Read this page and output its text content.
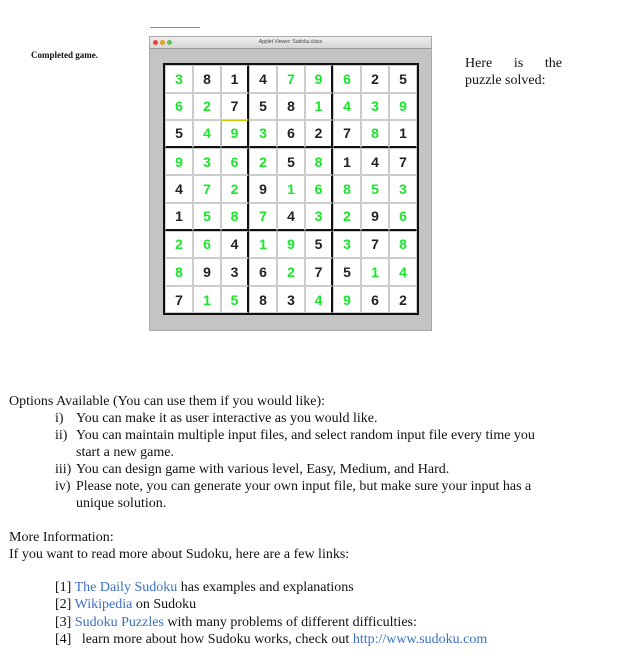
Completed game.
Applet Viewer: Sudoku.class
3	8	1	4	7	9	6	2	5
6	2	7	5	8	1	4	3	9
5	4	9	3	6	2	7	8	1
9	3	6	2	5	8	1	4	7
4	7	2	9	1	6	8	5	3
1	5	8	7	4	3	2	9	6
2	6	4	1	9	5	3	7	8
8	9	3	6	2	7	5	1	4
7	1	5	8	3	4	9	6	2
Here is the
puzzle solved:
Options Available (You can use them if you would like):
i) You can make it as user interactive as you would like.
ii) You can maintain multiple input files, and select random input file every time you
start a new game.
iii) You can design game with various level, Easy, Medium, and Hard.
iv) Please note, you can generate your own input file, but make sure your input has a
unique solution.
More Information:
If you want to read more about Sudoku, here are a few links:
[1] The Daily Sudoku has examples and explanations
[2] Wikipedia on Sudoku
[3] Sudoku Puzzles with many problems of different difficulties:
[4]   learn more about how Sudoku works, check out http://www.sudoku.com
